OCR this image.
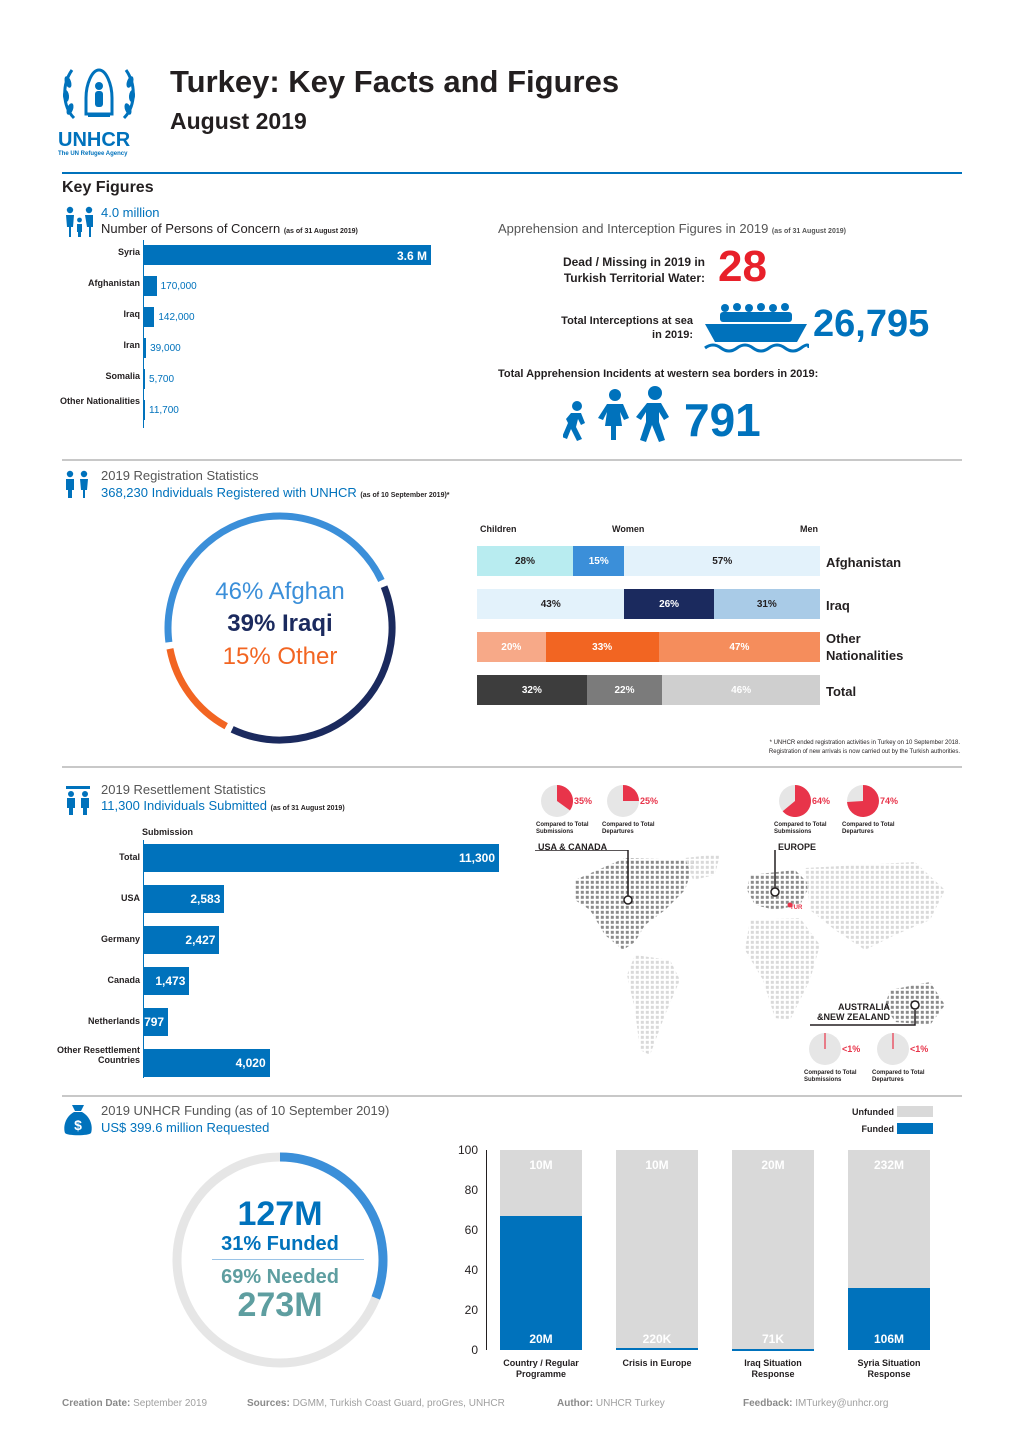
UNHCR
The UN Refugee Agency
Turkey: Key Facts and Figures
August 2019
Key Figures
4.0 million
Number of Persons of Concern (as of 31 August 2019)
Syria	3.6 M
Afghanistan 170,000
Iraq 142,000
Iran 39,000
Somalia 5,700
Other Nationalities
11,700
Apprehension and Interception Figures in 2019 (as of 31 August 2019)
Dead / Missing in 2019 in
Turkish Territorial Water: 28
Total Interceptions at sea
in 2019:	26,795
Total Apprehension Incidents at western sea borders in 2019:
791
2019 Registration Statistics
368,230 Individuals Registered with UNHCR (as of 10 September 2019)*
46% Afghan
39% Iraqi
15% Other
Children	Women	Men
* UNHCR ended registration activities in Turkey on 10 September 2018.
Registration of new arrivals is now carried out by the Turkish authorities.
2019 Resettlement Statistics
11,300 Individuals Submitted (as of 31 August 2019)
Submission
Total	11,300
USA	2,583
Germany	2,427
Canada	1,473
Netherlands 797
Other Resettlement Countries	4,020
TUR
USA & CANADA	EUROPE
AUSTRALIA
&NEW ZEALAND
35%
Compared to Total Submissions
25%
Compared to Total Departures
64%
Compared to Total Submissions
74%
Compared to Total Departures
<1%
Compared to Total Submissions
<1%
Compared to Total Departures
$
2019 UNHCR Funding (as of 10 September 2019)
US$ 399.6 million Requested
127M
31% Funded
69% Needed
273M
Unfunded
Funded
0
20
40
60
80
100
10M
20M
Country / Regular Programme
10M
220K
Crisis in Europe
20M
71K
Iraq Situation Response
232M
106M
Syria Situation Response
Creation Date: September 2019	Sources: DGMM, Turkish Coast Guard, proGres, UNHCR	Author: UNHCR Turkey	Feedback: IMTurkey@unhcr.org
28%	15%	57%	Afghanistan
43%	26%	31%	Iraq
20%	33%	47%
Other Nationalities
32%	22%	46%	Total
